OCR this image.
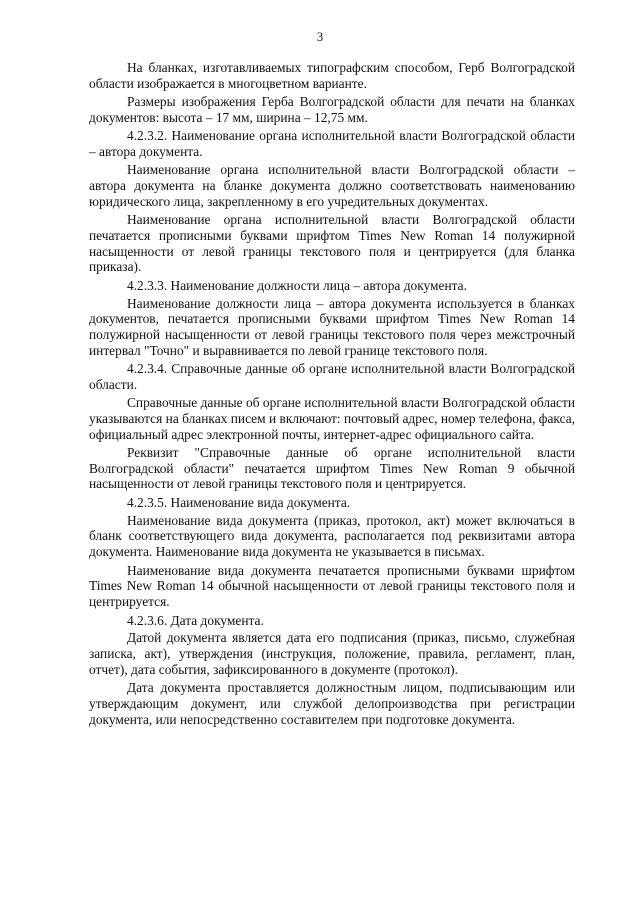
3

На бланках, изготавливаемых типографским способом, Герб Волгоградской области изображается в многоцветном варианте.

Размеры изображения Герба Волгоградской области для печати на бланках документов: высота – 17 мм, ширина – 12,75 мм.

4.2.3.2. Наименование органа исполнительной власти Волгоградской области – автора документа.

Наименование органа исполнительной власти Волгоградской области – автора документа на бланке документа должно соответствовать наименованию юридического лица, закрепленному в его учредительных документах.

Наименование органа исполнительной власти Волгоградской области печатается прописными буквами шрифтом Times New Roman 14 полужирной насыщенности от левой границы текстового поля и центрируется (для бланка приказа).

4.2.3.3. Наименование должности лица – автора документа.

Наименование должности лица – автора документа используется в бланках документов, печатается прописными буквами шрифтом Times New Roman 14 полужирной насыщенности от левой границы текстового поля через межстрочный интервал "Точно" и выравнивается по левой границе текстового поля.

4.2.3.4. Справочные данные об органе исполнительной власти Волгоградской области.

Справочные данные об органе исполнительной власти Волгоградской области указываются на бланках писем и включают: почтовый адрес, номер телефона, факса, официальный адрес электронной почты, интернет-адрес официального сайта.

Реквизит "Справочные данные об органе исполнительной власти Волгоградской области" печатается шрифтом Times New Roman 9 обычной насыщенности от левой границы текстового поля и центрируется.

4.2.3.5. Наименование вида документа.

Наименование вида документа (приказ, протокол, акт) может включаться в бланк соответствующего вида документа, располагается под реквизитами автора документа. Наименование вида документа не указывается в письмах.

Наименование вида документа печатается прописными буквами шрифтом Times New Roman 14 обычной насыщенности от левой границы текстового поля и центрируется.

4.2.3.6. Дата документа.

Датой документа является дата его подписания (приказ, письмо, служебная записка, акт), утверждения (инструкция, положение, правила, регламент, план, отчет), дата события, зафиксированного в документе (протокол).

Дата документа проставляется должностным лицом, подписывающим или утверждающим документ, или службой делопроизводства при регистрации документа, или непосредственно составителем при подготовке документа.
